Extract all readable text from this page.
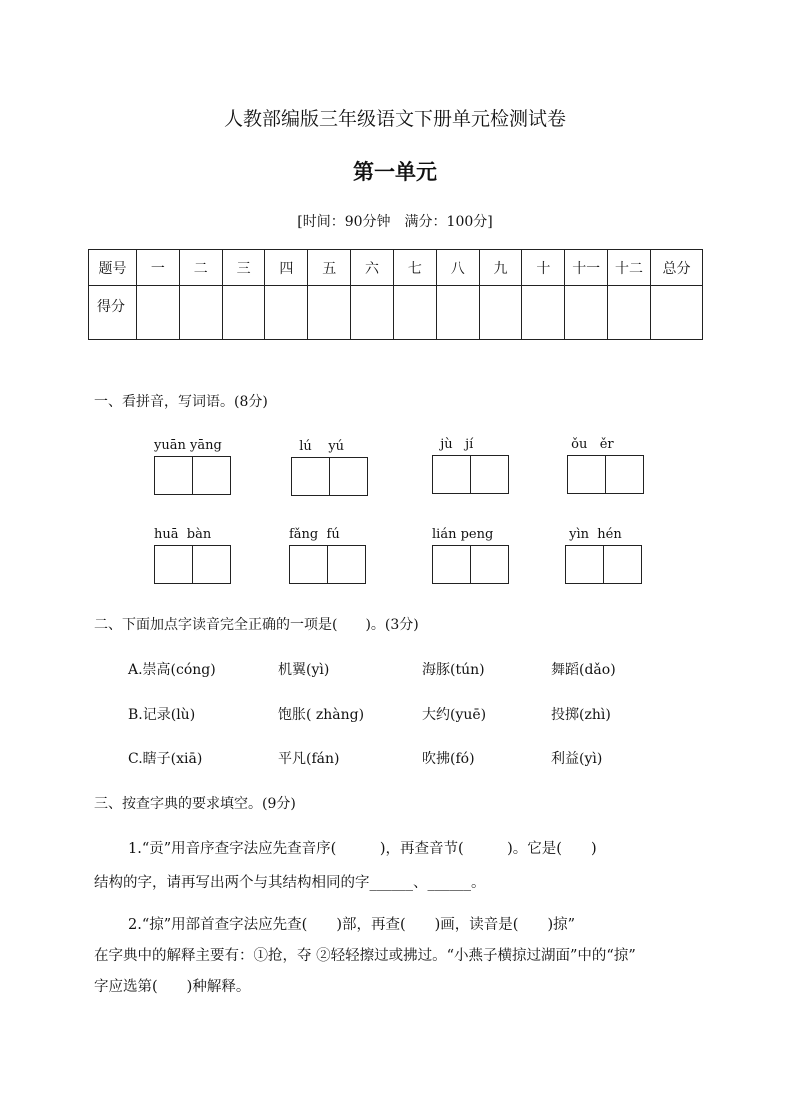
人教部编版三年级语文下册单元检测试卷
第一单元
[时间：90分钟　满分：100分]
题号	一	二	三	四	五	六	七	八	九	十	十一	十二	总分
得分													
一、看拼音，写词语。(8分)
yuān yāng	lú    yú	jù   jí	ǒu   ěr
huā  bàn	fǎng  fú	lián peng	yìn  hén
二、下面加点字读音完全正确的一项是(　　)。(3分)
A.崇高(cóng)	机翼(yì)	海豚(tún)	舞蹈(dǎo)
B.记录(lù)	饱胀( zhàng)	大约(yuē)	投掷(zhì)
C.瞎子(xiā)	平凡(fán)	吹拂(fó)	利益(yì)
三、按查字典的要求填空。(9分)
1.“贡”用音序查字法应先查音序(　　　)，再查音节(　　　)。它是(　　)
结构的字，请再写出两个与其结构相同的字______、______。
2.“掠”用部首查字法应先查(　　)部，再查(　　)画，读音是(　　)掠”
在字典中的解释主要有：①抢，夺 ②轻轻擦过或拂过。“小燕子横掠过湖面”中的“掠”
字应选第(　　)种解释。
